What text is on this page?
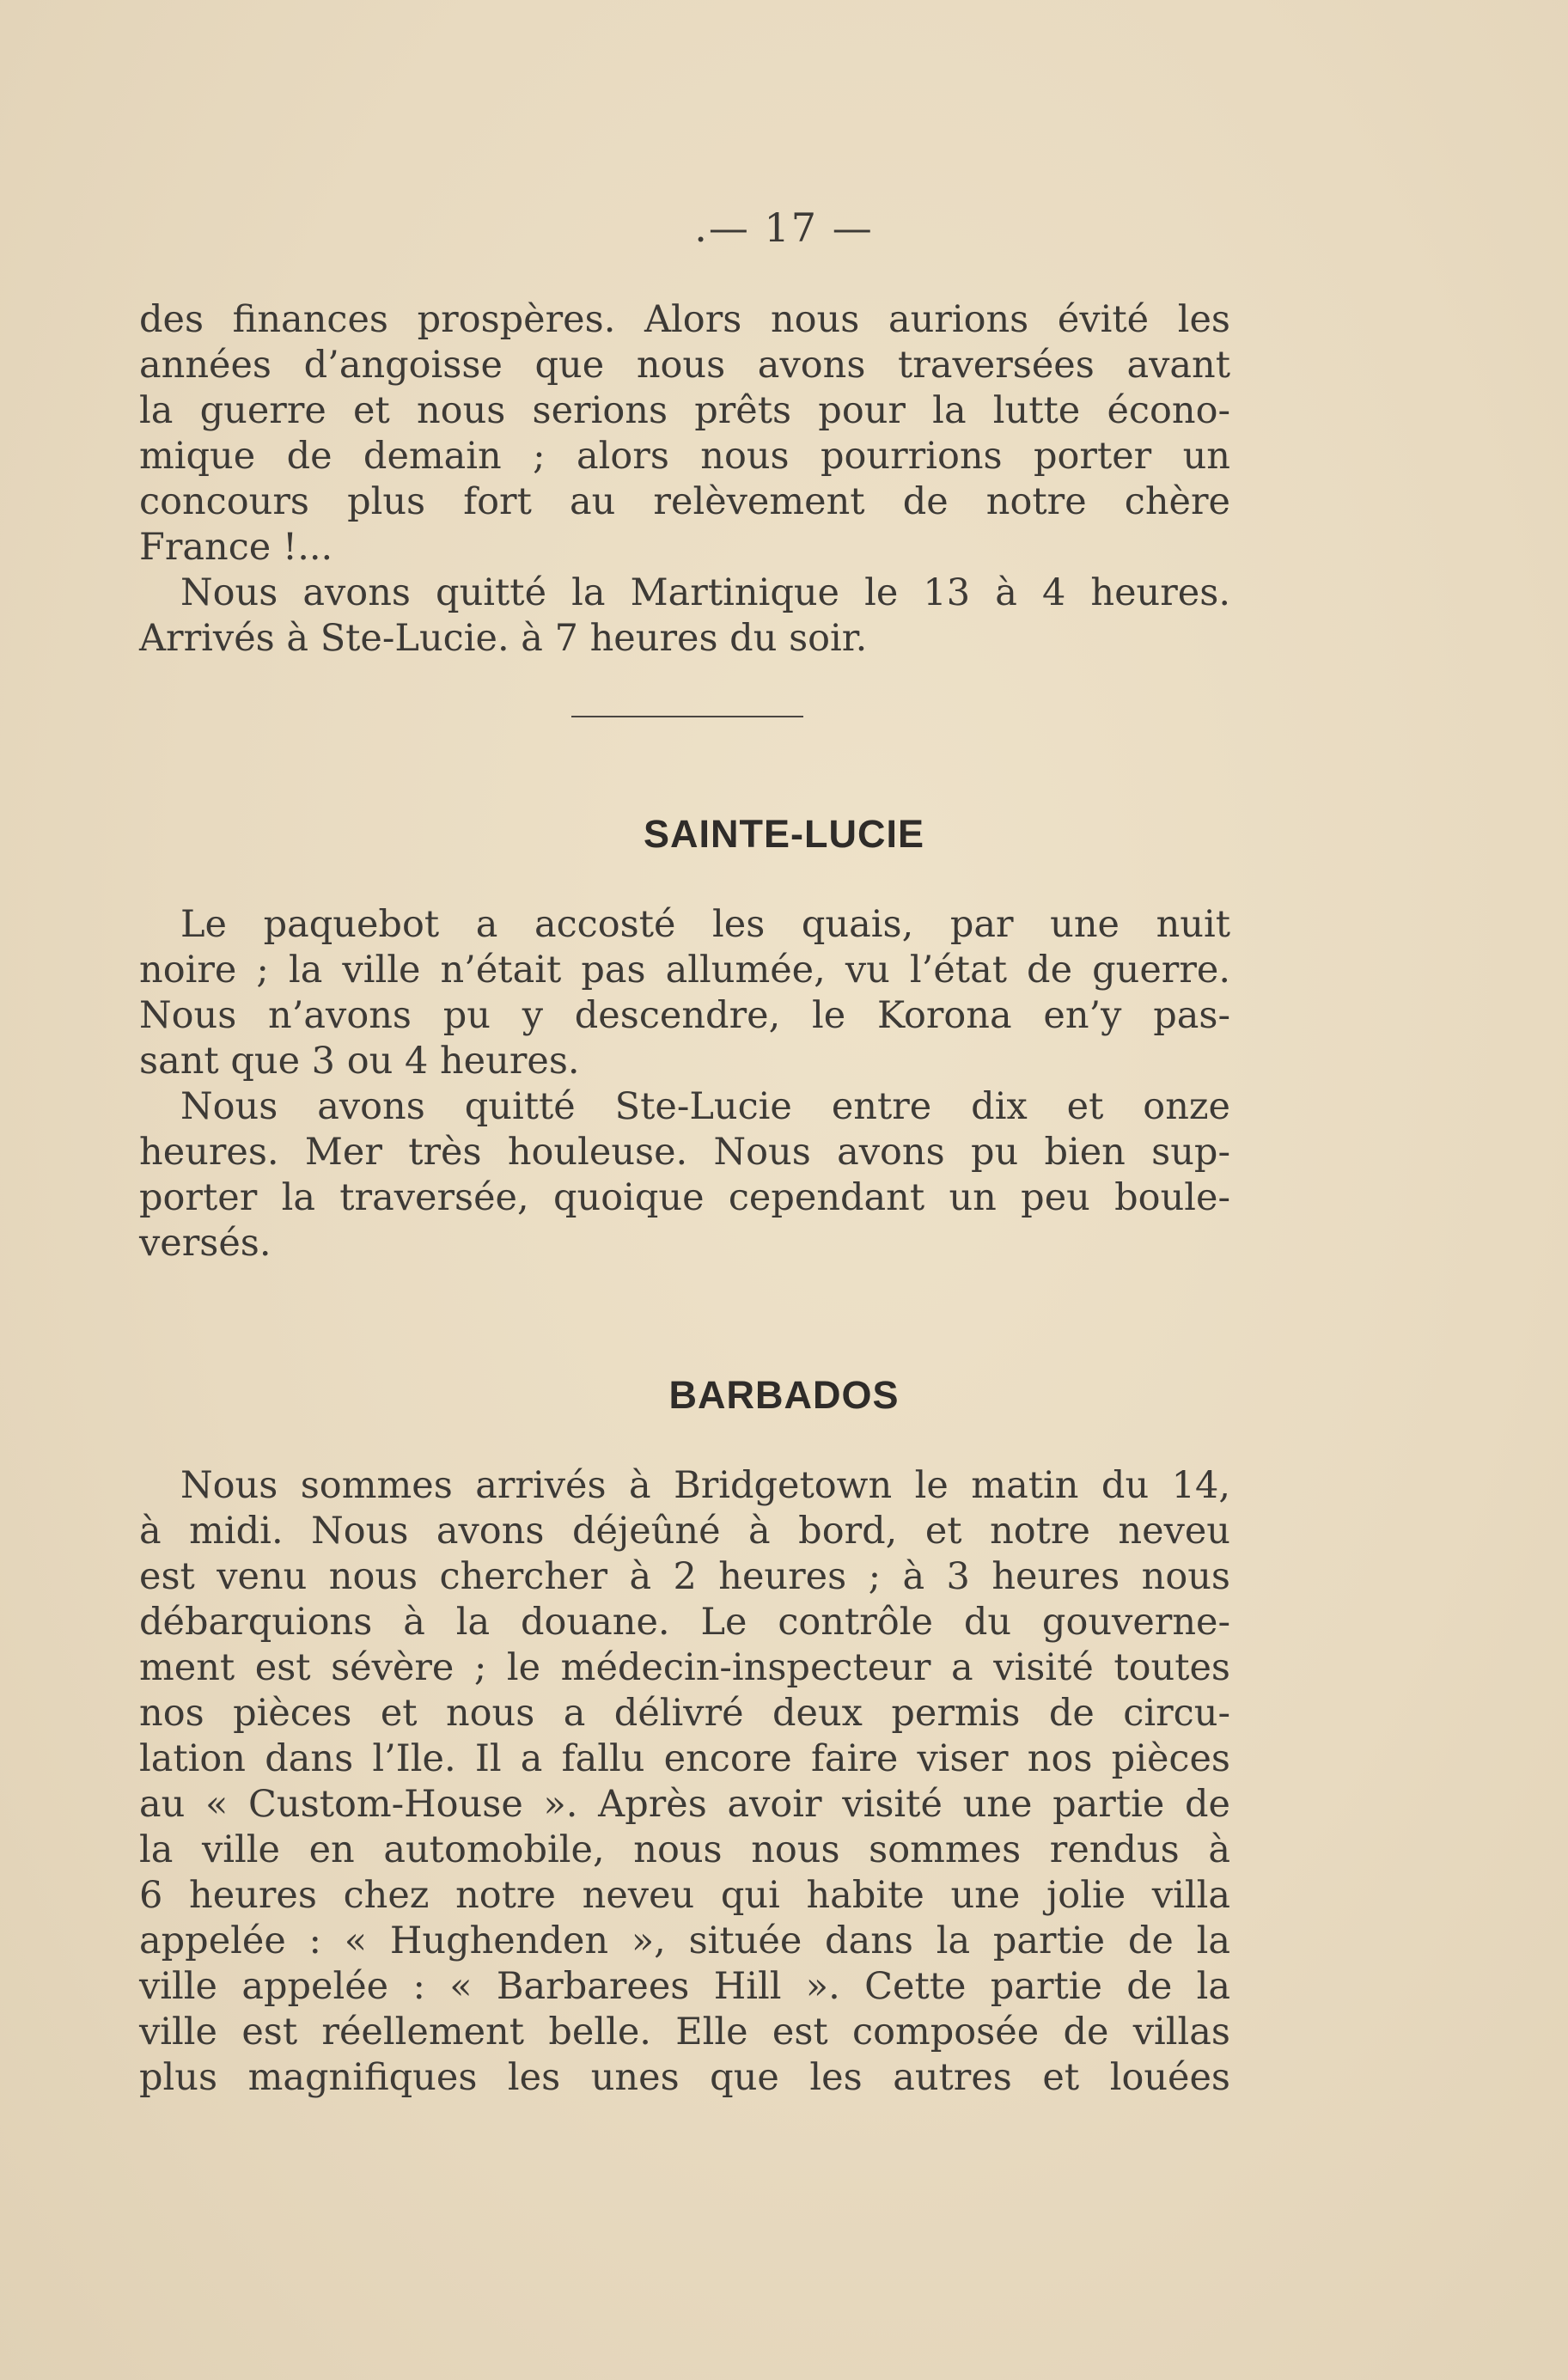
.— 17 —
des finances prospères. Alors nous aurions évité les
années d’angoisse que nous avons traversées avant
la guerre et nous serions prêts pour la lutte écono-
mique de demain ; alors nous pourrions porter un
concours plus fort au relèvement de notre chère
France !...
Nous avons quitté la Martinique le 13 à 4 heures.
Arrivés à Ste-Lucie. à 7 heures du soir.
SAINTE-LUCIE
Le paquebot a accosté les quais, par une nuit
noire ; la ville n’était pas allumée, vu l’état de guerre.
Nous n’avons pu y descendre, le Korona en’y pas-
sant que 3 ou 4 heures.
Nous avons quitté Ste-Lucie entre dix et onze
heures. Mer très houleuse. Nous avons pu bien sup-
porter la traversée, quoique cependant un peu boule-
versés.
BARBADOS
Nous sommes arrivés à Bridgetown le matin du 14,
à midi. Nous avons déjeûné à bord, et notre neveu
est venu nous chercher à 2 heures ; à 3 heures nous
débarquions à la douane. Le contrôle du gouverne-
ment est sévère ; le médecin-inspecteur a visité toutes
nos pièces et nous a délivré deux permis de circu-
lation dans l’Ile. Il a fallu encore faire viser nos pièces
au « Custom-House ». Après avoir visité une partie de
la ville en automobile, nous nous sommes rendus à
6 heures chez notre neveu qui habite une jolie villa
appelée : « Hughenden », située dans la partie de la
ville appelée : « Barbarees Hill ». Cette partie de la
ville est réellement belle. Elle est composée de villas
plus magnifiques les unes que les autres et louées
